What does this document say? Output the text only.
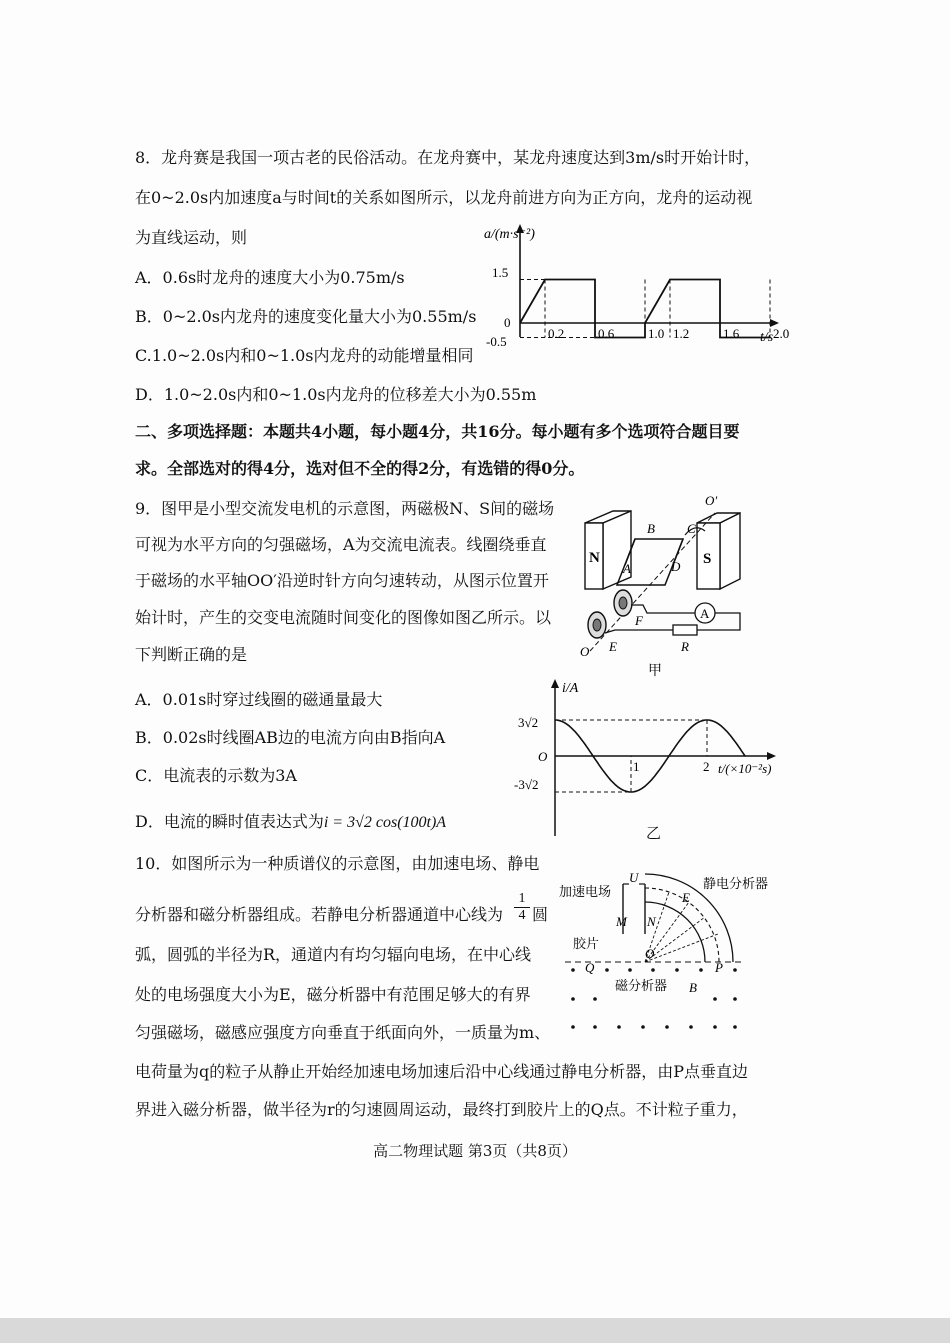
8．龙舟赛是我国一项古老的民俗活动。在龙舟赛中，某龙舟速度达到3m/s时开始计时，
在0~2.0s内加速度a与时间t的关系如图所示，以龙舟前进方向为正方向，龙舟的运动视
为直线运动，则
A．0.6s时龙舟的速度大小为0.75m/s
B．0~2.0s内龙舟的速度变化量大小为0.55m/s
C.1.0~2.0s内和0~1.0s内龙舟的动能增量相同
D．1.0~2.0s内和0~1.0s内龙舟的位移差大小为0.55m
a/(m·s⁻²)
t/s
1.5
0
-0.5
0.2	0.6	1.0 1.2	1.6	2.0
二、多项选择题：本题共4小题，每小题4分，共16分。每小题有多个选项符合题目要
求。全部选对的得4分，选对但不全的得2分，有选错的得0分。
9．图甲是小型交流发电机的示意图，两磁极N、S间的磁场
可视为水平方向的匀强磁场，A为交流电流表。线圈绕垂直
于磁场的水平轴OO′沿逆时针方向匀速转动，从图示位置开
始计时，产生的交变电流随时间变化的图像如图乙所示。以
下判断正确的是
A．0.01s时穿过线圈的磁通量最大
B．0.02s时线圈AB边的电流方向由B指向A
C．电流表的示数为3A
D．电流的瞬时值表达式为i = 3√2 cos(100t)A
N	S
O′
B C
D
A
A
F
R
E
O
甲
i/A
t/(×10⁻²s)
3√2
-3√2
O
1	2
乙
10．如图所示为一种质谱仪的示意图，由加速电场、静电
分析器和磁分析器组成。若静电分析器通道中心线为 $\frac{1}{4}$ 圆
弧，圆弧的半径为R，通道内有均匀辐向电场，在中心线
处的电场强度大小为E，磁分析器中有范围足够大的有界
匀强磁场，磁感应强度方向垂直于纸面向外，一质量为m、
电荷量为q的粒子从静止开始经加速电场加速后沿中心线通过静电分析器，由P点垂直边
界进入磁分析器，做半径为r的匀速圆周运动，最终打到胶片上的Q点。不计粒子重力，
加速电场
U
M N
静电分析器
E
O
胶片
Q	P
磁分析器 B
高二物理试题 第3页（共8页）
